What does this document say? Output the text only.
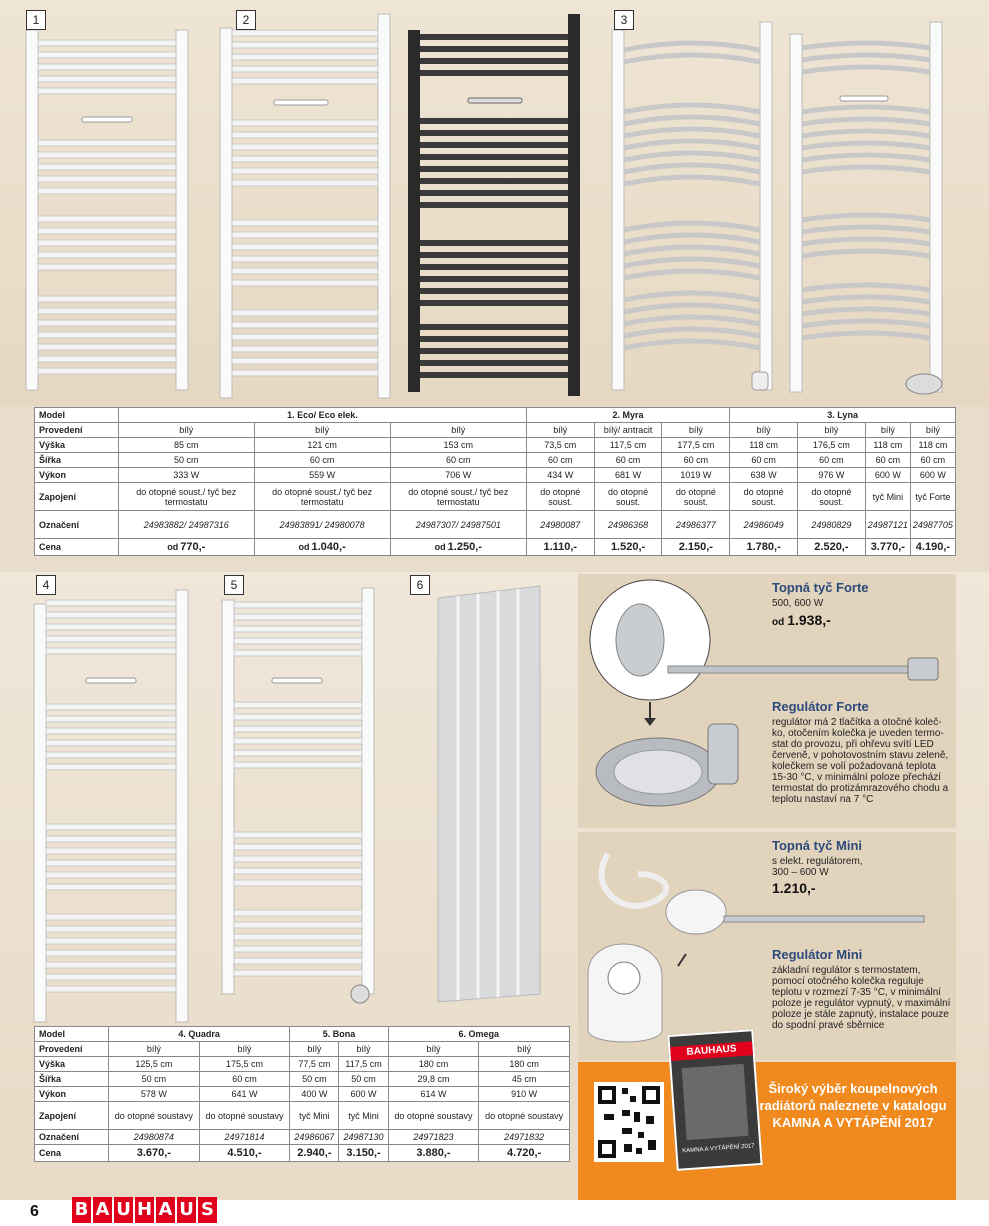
1	2	3
Model	1. Eco/ Eco elek.			2. Myra			3. Lyna			
Provedení	bílý	bílý	bílý	bílý	bílý/ antracit	bílý	bílý	bílý	bílý	bílý
Výška	85 cm	121 cm	153 cm	73,5 cm	117,5 cm	177,5 cm	118 cm	176,5 cm	118 cm	118 cm
Šířka	50 cm	60 cm	60 cm	60 cm	60 cm	60 cm	60 cm	60 cm	60 cm	60 cm
Výkon	333 W	559 W	706 W	434 W	681 W	1019 W	638 W	976 W	600 W	600 W
Zapojení	do otopné soust./ tyč bez termostatu	do otopné soust./ tyč bez termostatu	do otopné soust./ tyč bez termostatu	do otopné soust.	do otopné soust.	do otopné soust.	do otopné soust.	do otopné soust.	tyč Mini	tyč Forte
Označení	24983882/ 24987316	24983891/ 24980078	24987307/ 24987501	24980087	24986368	24986377	24986049	24980829	24987121	24987705
Cena	od 770,-	od 1.040,-	od 1.250,-	1.110,-	1.520,-	2.150,-	1.780,-	2.520,-	3.770,-	4.190,-
4	5	6
Model	4. Quadra		5. Bona		6. Omega	
Provedení	bílý	bílý	bílý	bílý	bílý	bílý
Výška	125,5 cm	175,5 cm	77,5 cm	117,5 cm	180 cm	180 cm
Šířka	50 cm	60 cm	50 cm	50 cm	29,8 cm	45 cm
Výkon	578 W	641 W	400 W	600 W	614 W	910 W
Zapojení	do otopné soustavy	do otopné soustavy	tyč Mini	tyč Mini	do otopné soustavy	do otopné soustavy
Označení	24980874	24971814	24986067	24987130	24971823	24971832
Cena	3.670,-	4.510,-	2.940,-	3.150,-	3.880,-	4.720,-
Topná tyč Forte
500, 600 W
od 1.938,-
Regulátor Forte
regulátor má 2 tlačítka a otočné koleč- ko, otočením kolečka je uveden termo- stat do provozu, při ohřevu svítí LED červeně, v pohotovostním stavu zeleně, kolečkem se volí požadovaná teplota 15-30 °C, v minimální poloze přechází termostat do protizámrazového chodu a teplotu nastaví na 7 °C
Topná tyč Mini
s elekt. regulátorem, 300 – 600 W
1.210,-
Regulátor Mini
základní regulátor s termostatem, pomocí otočného kolečka reguluje teplotu v rozmezí 7-35 °C, v minimální poloze je regulátor vypnutý, v maximální poloze je stále zapnutý, instalace pouze do spodní pravé sběrnice
BAUHAUS
KAMNA A VYTÁPĚNÍ 2017
Široký výběr koupelnových radiátorů naleznete v katalogu KAMNA A VYTÁPĚNÍ 2017
6 B A U H A U S
